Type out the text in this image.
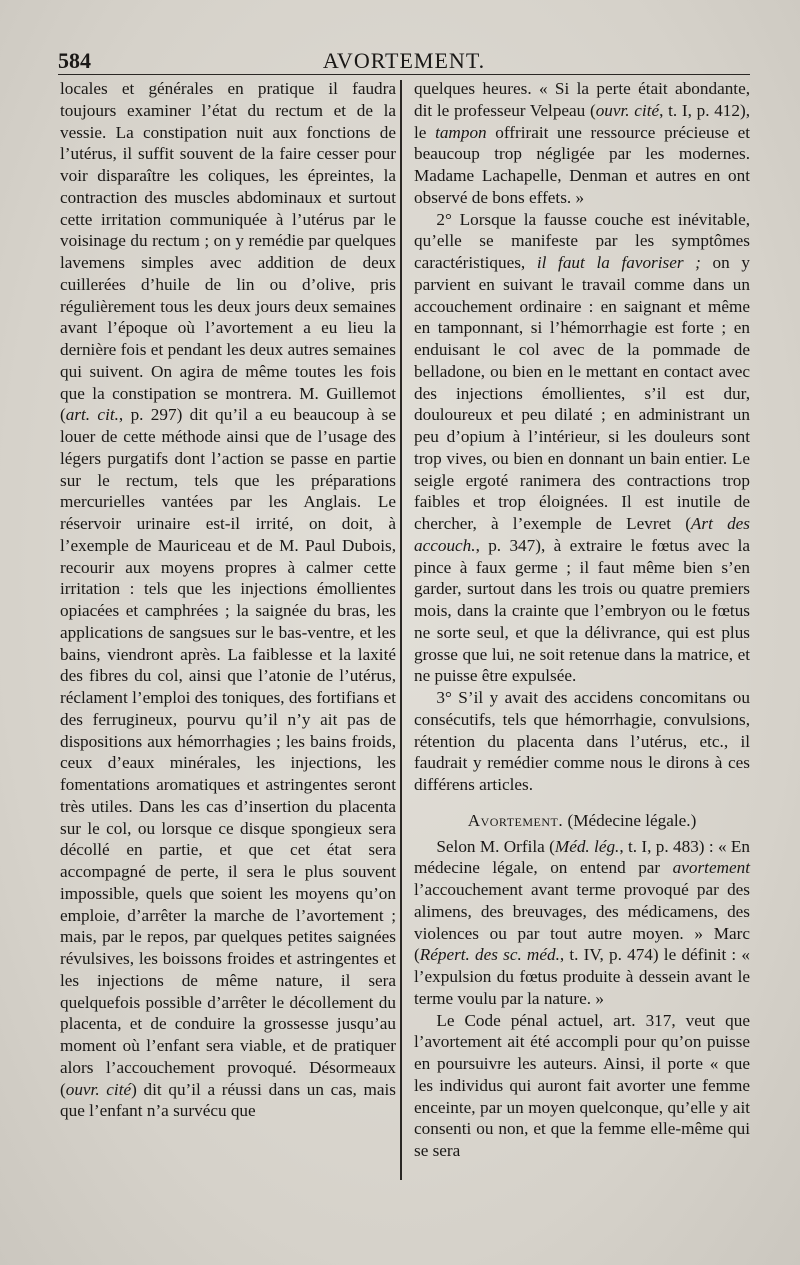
584	AVORTEMENT.

locales et générales en pratique il faudra toujours examiner l’état du rectum et de la vessie. La constipation nuit aux fonctions de l’utérus, il suffit souvent de la faire cesser pour voir disparaître les coliques, les épreintes, la contraction des muscles abdominaux et surtout cette irritation communiquée à l’utérus par le voisinage du rectum ; on y remédie par quelques lavemens simples avec addition de deux cuillerées d’huile de lin ou d’olive, pris régulièrement tous les deux jours deux semaines avant l’époque où l’avortement a eu lieu la dernière fois et pendant les deux autres semaines qui suivent. On agira de même toutes les fois que la constipation se montrera. M. Guillemot (art. cit., p. 297) dit qu’il a eu beaucoup à se louer de cette méthode ainsi que de l’usage des légers purgatifs dont l’action se passe en partie sur le rectum, tels que les préparations mercurielles vantées par les Anglais. Le réservoir urinaire est-il irrité, on doit, à l’exemple de Mauriceau et de M. Paul Dubois, recourir aux moyens propres à calmer cette irritation : tels que les injections émollientes opiacées et camphrées ; la saignée du bras, les applications de sangsues sur le bas-ventre, et les bains, viendront après. La faiblesse et la laxité des fibres du col, ainsi que l’atonie de l’utérus, réclament l’emploi des toniques, des fortifians et des ferrugineux, pourvu qu’il n’y ait pas de dispositions aux hémorrhagies ; les bains froids, ceux d’eaux minérales, les injections, les fomentations aromatiques et astringentes seront très utiles. Dans les cas d’insertion du placenta sur le col, ou lorsque ce disque spongieux sera décollé en partie, et que cet état sera accompagné de perte, il sera le plus souvent impossible, quels que soient les moyens qu’on emploie, d’arrêter la marche de l’avortement ; mais, par le repos, par quelques petites saignées révulsives, les boissons froides et astringentes et les injections de même nature, il sera quelquefois possible d’arrêter le décollement du placenta, et de conduire la grossesse jusqu’au moment où l’enfant sera viable, et de pratiquer alors l’accouchement provoqué. Désormeaux (ouvr. cité) dit qu’il a réussi dans un cas, mais que l’enfant n’a survécu que

quelques heures. « Si la perte était abondante, dit le professeur Velpeau (ouvr. cité, t. I, p. 412), le tampon offrirait une ressource précieuse et beaucoup trop négligée par les modernes. Madame Lachapelle, Denman et autres en ont observé de bons effets. »

2° Lorsque la fausse couche est inévitable, qu’elle se manifeste par les symptômes caractéristiques, il faut la favoriser ; on y parvient en suivant le travail comme dans un accouchement ordinaire : en saignant et même en tamponnant, si l’hémorrhagie est forte ; en enduisant le col avec de la pommade de belladone, ou bien en le mettant en contact avec des injections émollientes, s’il est dur, douloureux et peu dilaté ; en administrant un peu d’opium à l’intérieur, si les douleurs sont trop vives, ou bien en donnant un bain entier. Le seigle ergoté ranimera des contractions trop faibles et trop éloignées. Il est inutile de chercher, à l’exemple de Levret (Art des accouch., p. 347), à extraire le fœtus avec la pince à faux germe ; il faut même bien s’en garder, surtout dans les trois ou quatre premiers mois, dans la crainte que l’embryon ou le fœtus ne sorte seul, et que la délivrance, qui est plus grosse que lui, ne soit retenue dans la matrice, et ne puisse être expulsée.

3° S’il y avait des accidens concomitans ou consécutifs, tels que hémorrhagie, convulsions, rétention du placenta dans l’utérus, etc., il faudrait y remédier comme nous le dirons à ces différens articles.

Avortement. (Médecine légale.)

Selon M. Orfila (Méd. lég., t. I, p. 483) : « En médecine légale, on entend par avortement l’accouchement avant terme provoqué par des alimens, des breuvages, des médicamens, des violences ou par tout autre moyen. » Marc (Répert. des sc. méd., t. IV, p. 474) le définit : « l’expulsion du fœtus produite à dessein avant le terme voulu par la nature. »

Le Code pénal actuel, art. 317, veut que l’avortement ait été accompli pour qu’on puisse en poursuivre les auteurs. Ainsi, il porte « que les individus qui auront fait avorter une femme enceinte, par un moyen quelconque, qu’elle y ait consenti ou non, et que la femme elle-même qui se sera
